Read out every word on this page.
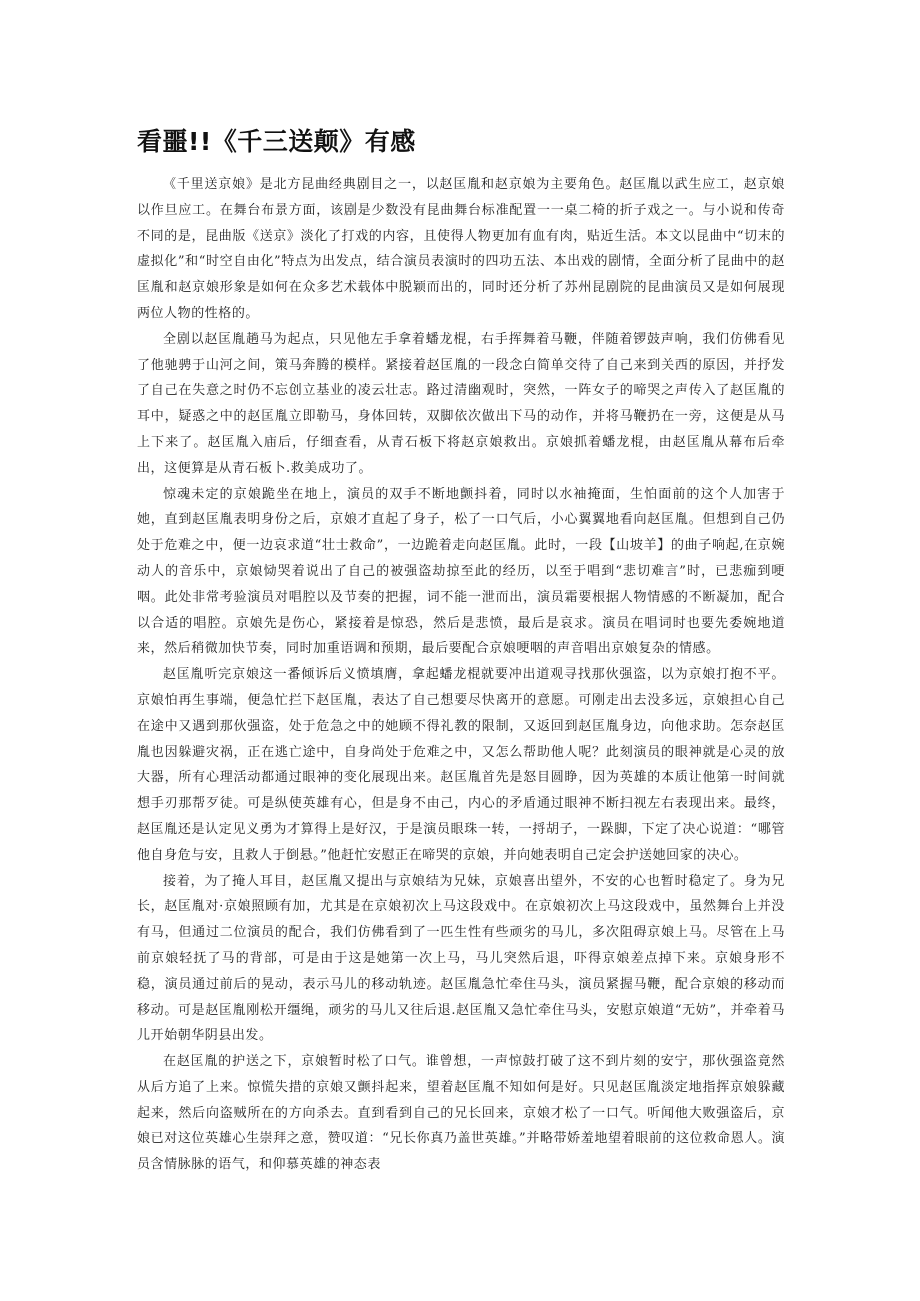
看噩!!《千三送颠》有感

《千里送京娘》是北方昆曲经典剧目之一，以赵匡胤和赵京娘为主要角色。赵匡胤以武生应工，赵京娘以作旦应工。在舞台布景方面，该剧是少数没有昆曲舞台标准配置一一桌二椅的折子戏之一。与小说和传奇不同的是，昆曲版《送京》淡化了打戏的内容，且使得人物更加有血有肉，贴近生活。本文以昆曲中“切末的虚拟化”和“时空自由化”特点为出发点，结合演员表演时的四功五法、本出戏的剧情，全面分析了昆曲中的赵匡胤和赵京娘形象是如何在众多艺术载体中脱颖而出的，同时还分析了苏州昆剧院的昆曲演员又是如何展现两位人物的性格的。

全剧以赵匡胤趟马为起点，只见他左手拿着蟠龙棍，右手挥舞着马鞭，伴随着锣鼓声响，我们仿佛看见了他驰骋于山河之间，策马奔腾的模样。紧接着赵匡胤的一段念白简单交待了自己来到关西的原因，并抒发了自己在失意之时仍不忘创立基业的凌云壮志。路过清幽观时，突然，一阵女子的啼哭之声传入了赵匡胤的耳中，疑惑之中的赵匡胤立即勒马，身体回转，双脚依次做出下马的动作，并将马鞭扔在一旁，这便是从马上下来了。赵匡胤入庙后，仔细查看，从青石板下将赵京娘救出。京娘抓着蟠龙棍，由赵匡胤从幕布后牵出，这便算是从青石板卜.救美成功了。

惊魂未定的京娘跪坐在地上，演员的双手不断地颤抖着，同时以水袖掩面，生怕面前的这个人加害于她，直到赵匡胤表明身份之后，京娘才直起了身子，松了一口气后，小心翼翼地看向赵匡胤。但想到自己仍处于危难之中，便一边哀求道“壮士救命”，一边跪着走向赵匡胤。此时，一段【山坡羊】的曲子响起,在京婉动人的音乐中，京娘恸哭着说出了自己的被强盗劫掠至此的经历，以至于唱到“悲切难言”时，已悲痂到哽咽。此处非常考验演员对唱腔以及节奏的把握，词不能一泄而出，演员霜要根据人物情感的不断凝加，配合以合适的唱腔。京娘先是伤心，紧接着是惊恐，然后是悲愤，最后是哀求。演员在唱词时也要先委婉地道来，然后稍微加快节奏，同时加重语调和预期，最后要配合京娘哽咽的声音唱出京娘复杂的情感。

赵匡胤听完京娘这一番倾诉后义愤填膺，拿起蟠龙棍就要冲出道观寻找那伙强盗，以为京娘打抱不平。京娘怕再生事端，便急忙拦下赵匡胤，表达了自己想要尽快离开的意愿。可刚走出去没多远，京娘担心自己在途中又遇到那伙强盗，处于危急之中的她顾不得礼教的限制，又返回到赵匡胤身边，向他求助。怎奈赵匡胤也因躲避灾祸，正在逃亡途中，自身尚处于危难之中，又怎么帮助他人呢？此刻演员的眼神就是心灵的放大器，所有心理活动都通过眼神的变化展现出来。赵匡胤首先是怒目圆睁，因为英雄的本质让他第一时间就想手刃那帮歹徒。可是纵使英雄有心，但是身不由己，内心的矛盾通过眼神不断扫视左右表现出来。最终，赵匡胤还是认定见义勇为才算得上是好汉，于是演员眼珠一转，一捋胡子，一跺脚，下定了决心说道：“哪管他自身危与安，且救人于倒悬。”他赶忙安慰正在啼哭的京娘，并向她表明自己定会护送她回家的决心。

接着，为了掩人耳目，赵匡胤又提出与京娘结为兄妹，京娘喜出望外，不安的心也暂时稳定了。身为兄长，赵匡胤对·京娘照顾有加，尤其是在京娘初次上马这段戏中。在京娘初次上马这段戏中，虽然舞台上并没有马，但通过二位演员的配合，我们仿佛看到了一匹生性有些顽劣的马儿，多次阻碍京娘上马。尽管在上马前京娘轻抚了马的背部，可是由于这是她第一次上马，马儿突然后退，吓得京娘差点掉下来。京娘身形不稳，演员通过前后的晃动，表示马儿的移动轨迹。赵匡胤急忙牵住马头，演员紧握马鞭，配合京娘的移动而移动。可是赵匡胤刚松开缰绳，顽劣的马儿又往后退.赵匡胤又急忙牵住马头，安慰京娘道“无妨”，并牵着马儿开始朝华阴县出发。

在赵匡胤的护送之下，京娘暂时松了口气。谁曾想，一声惊鼓打破了这不到片刻的安宁，那伙强盗竟然从后方追了上来。惊慌失措的京娘又颤抖起来，望着赵匡胤不知如何是好。只见赵匡胤淡定地指挥京娘躲藏起来，然后向盗贼所在的方向杀去。直到看到自己的兄长回来，京娘才松了一口气。听闻他大败强盗后，京娘已对这位英雄心生崇拜之意，赞叹道：“兄长你真乃盖世英雄。”并略带娇羞地望着眼前的这位救命恩人。演员含情脉脉的语气，和仰慕英雄的神态表
